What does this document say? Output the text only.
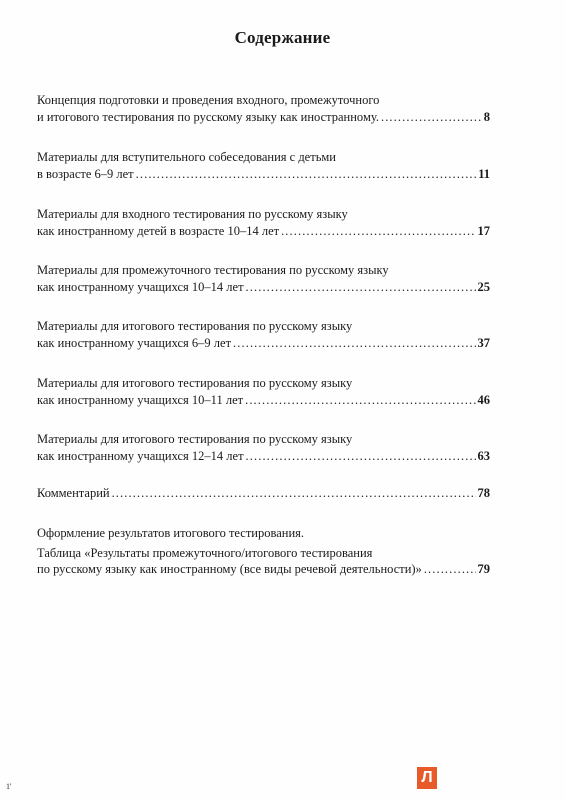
Содержание
Концепция подготовки и проведения входного, промежуточного
и итогового тестирования по русскому языку как иностранному. .....	8
Материалы для вступительного собеседования с детьми
в возрасте 6–9 лет .....	11
Материалы для входного тестирования по русскому языку
как иностранному детей в возрасте 10–14 лет .....	17
Материалы для промежуточного тестирования по русскому языку
как иностранному учащихся 10–14 лет .....	25
Материалы для итогового тестирования по русскому языку
как иностранному учащихся 6–9 лет .....	37
Материалы для итогового тестирования по русскому языку
как иностранному учащихся 10–11 лет .....	46
Материалы для итогового тестирования по русскому языку
как иностранному учащихся 12–14 лет .....	63
Комментарий .....	78
Оформление результатов итогового тестирования.
Таблица «Результаты промежуточного/итогового тестирования
по русскому языку как иностранному (все виды речевой деятельности)» .....	79
Л
1'
